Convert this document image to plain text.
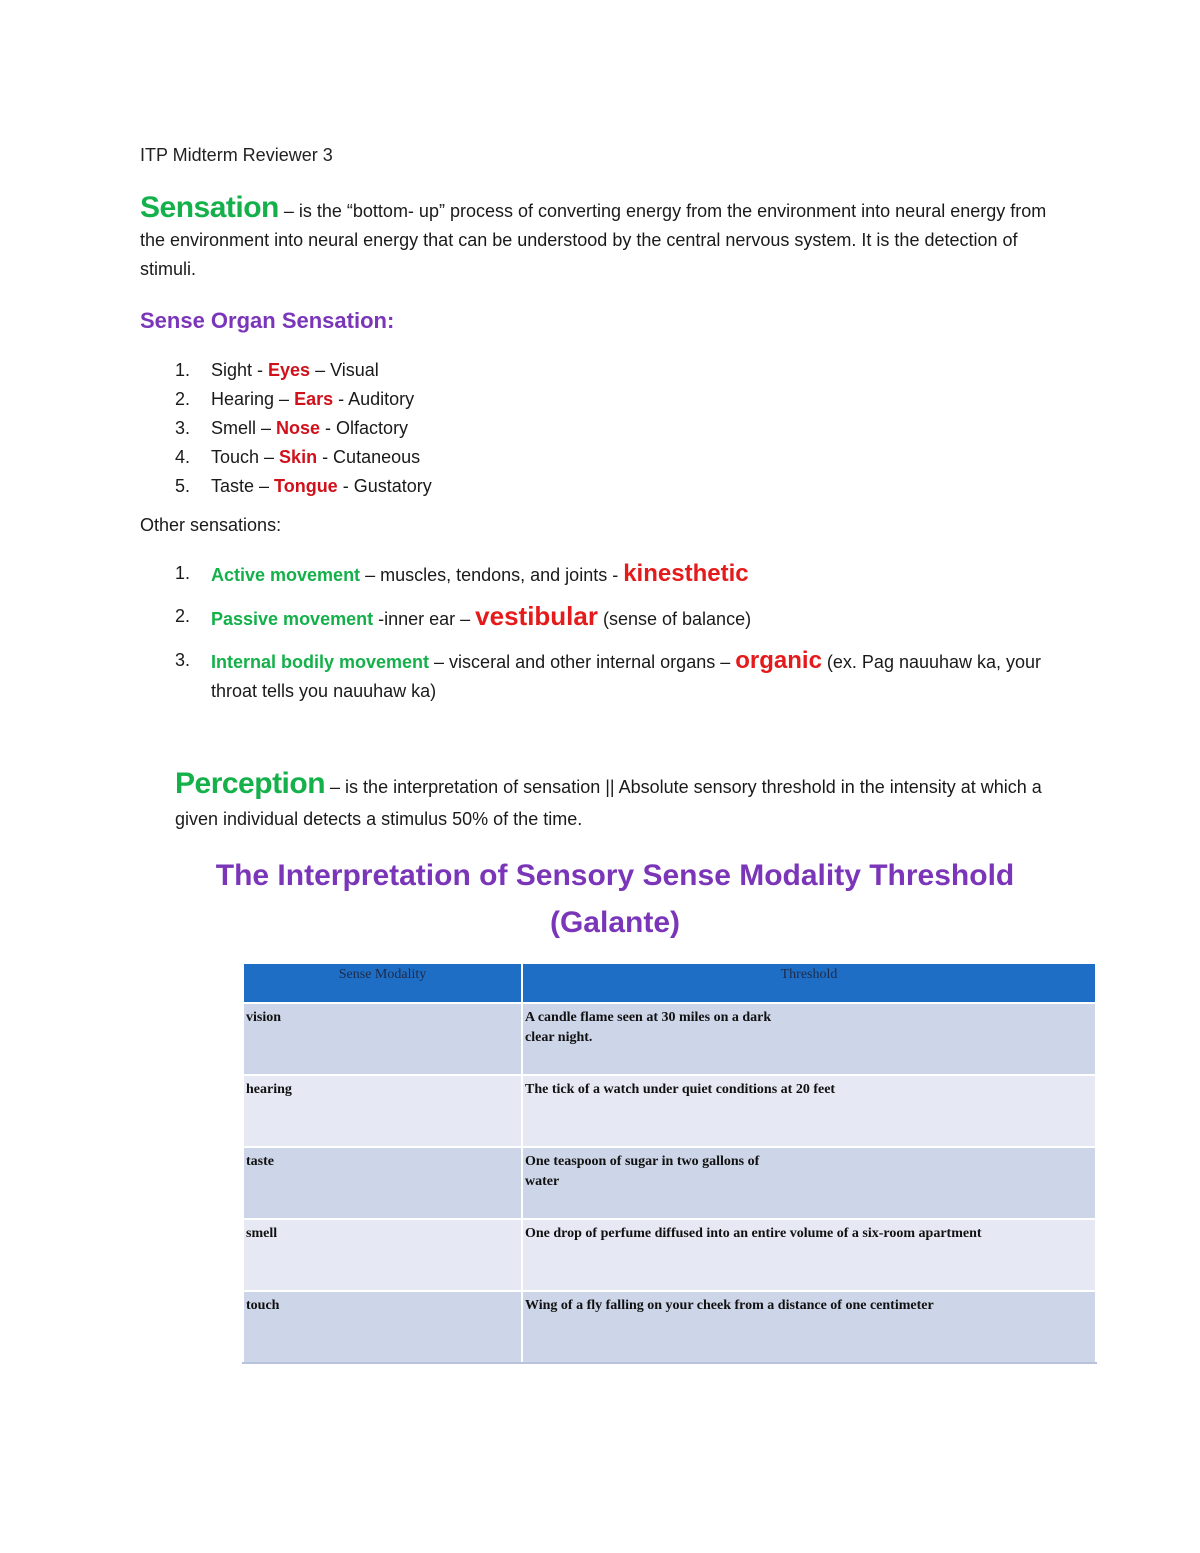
ITP Midterm Reviewer 3

Sensation – is the “bottom- up” process of converting energy from the environment into neural energy from the environment into neural energy that can be understood by the central nervous system. It is the detection of stimuli.

Sense Organ Sensation:
1. Sight - Eyes – Visual
2. Hearing – Ears - Auditory
3. Smell – Nose - Olfactory
4. Touch – Skin - Cutaneous
5. Taste – Tongue - Gustatory
Other sensations:
1. Active movement – muscles, tendons, and joints - kinesthetic
2. Passive movement -inner ear – vestibular (sense of balance)
3. Internal bodily movement – visceral and other internal organs – organic (ex. Pag nauuhaw ka, your throat tells you nauuhaw ka)

Perception – is the interpretation of sensation || Absolute sensory threshold in the intensity at which a given individual detects a stimulus 50% of the time.

The Interpretation of Sensory Sense Modality Threshold (Galante)
Sense Modality	Threshold
vision	A candle flame seen at 30 miles on a dark
clear night.

hearing	The tick of a watch under quiet conditions at 20 feet

taste	One teaspoon of sugar in two gallons of
water

smell	One drop of perfume diffused into an entire volume of a six-room apartment

touch	Wing of a fly falling on your cheek from a distance of one centimeter
